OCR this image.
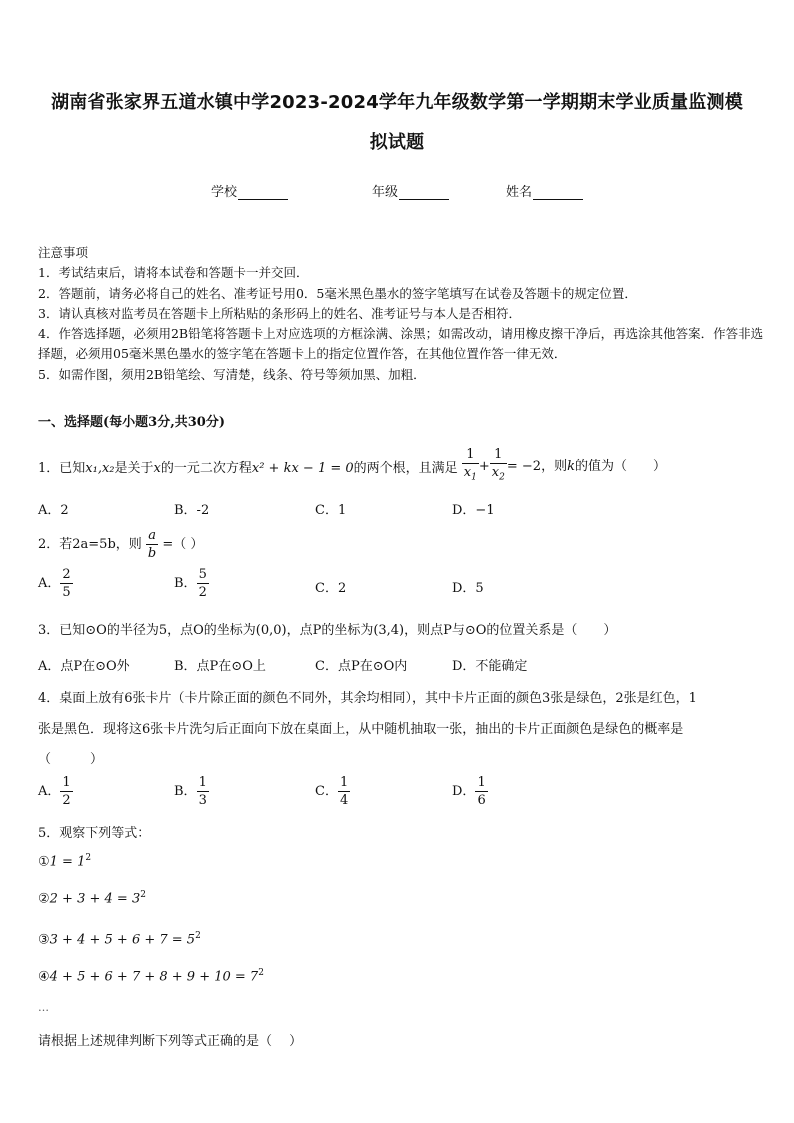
湖南省张家界五道水镇中学2023-2024学年九年级数学第一学期期末学业质量监测模
拟试题
学校	年级	姓名
注意事项
1．考试结束后，请将本试卷和答题卡一并交回．
2．答题前，请务必将自己的姓名、准考证号用0．5毫米黑色墨水的签字笔填写在试卷及答题卡的规定位置．
3．请认真核对监考员在答题卡上所粘贴的条形码上的姓名、准考证号与本人是否相符．
4．作答选择题，必须用2B铅笔将答题卡上对应选项的方框涂满、涂黑；如需改动，请用橡皮擦干净后，再选涂其他答案．作答非选择题，必须用05毫米黑色墨水的签字笔在答题卡上的指定位置作答，在其他位置作答一律无效．
5．如需作图，须用2B铅笔绘、写清楚，线条、符号等须加黑、加粗．
一、选择题(每小题3分,共30分)
1．已知x₁,x₂是关于x的一元二次方程x² + kx − 1 = 0的两个根，且满足 $\frac{1}{x_1} + \frac{1}{x_2} = -2$，则k的值为（　　）
A．2	B．-2	C．1	D．−1
2．若2a=5b，则 $\frac{a}{b}$ =（ ）
A． $\frac{2}{5}$	B． $\frac{5}{2}$	C．2	D．5
3．已知⊙O的半径为5，点O的坐标为(0,0)，点P的坐标为(3,4)，则点P与⊙O的位置关系是（　　）
A．点P在⊙O外	B．点P在⊙O上	C．点P在⊙O内	D．不能确定
4．桌面上放有6张卡片（卡片除正面的颜色不同外，其余均相同），其中卡片正面的颜色3张是绿色，2张是红色，1
张是黑色．现将这6张卡片洗匀后正面向下放在桌面上，从中随机抽取一张，抽出的卡片正面颜色是绿色的概率是
（　　　）
A． $\frac{1}{2}$	B． $\frac{1}{3}$	C． $\frac{1}{4}$	D． $\frac{1}{6}$
5．观察下列等式：
①1 = $1^2$
②2 + $3 + 4 = 3^2$
③3 + $4 + 5 + 6 + 7 = 5^2$
④4 + $5 + 6 + 7 + 8 + 9 + 10 = 7^2$
…
请根据上述规律判断下列等式正确的是（　 ）
